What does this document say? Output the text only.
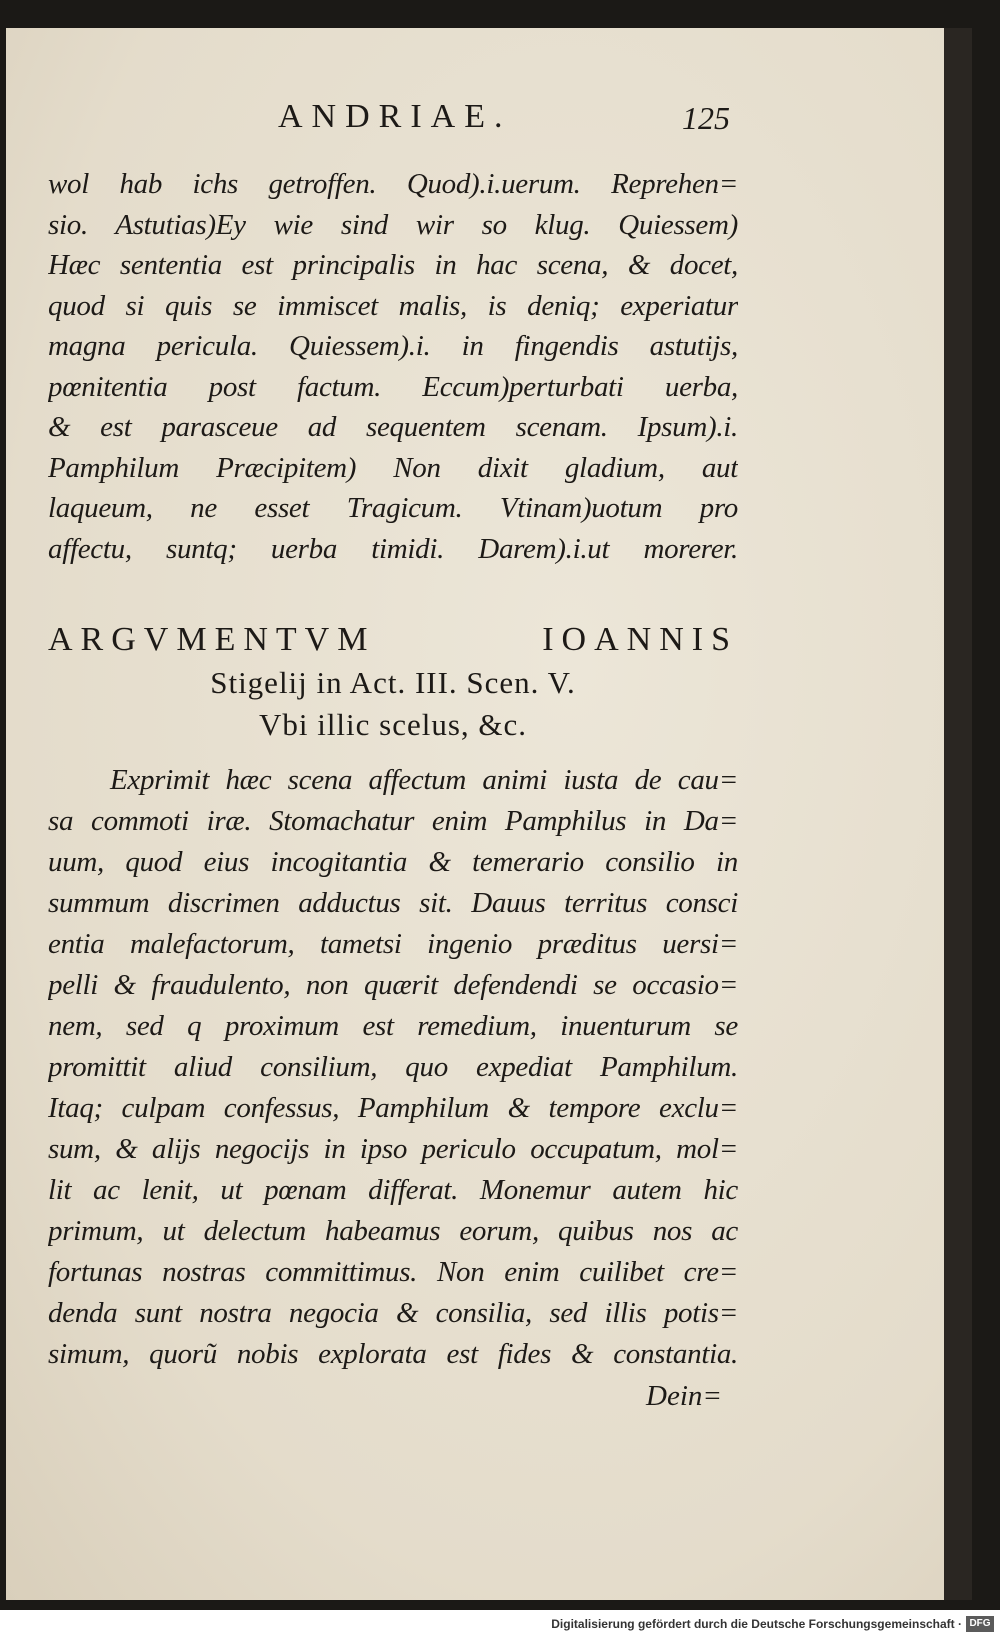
ANDRIAE.	125
wol hab ichs getroffen. Quod).i.uerum. Reprehen=
sio. Astutias)Ey wie sind wir so klug. Quiessem)
Hæc sententia est principalis in hac scena, & docet,
quod si quis se immiscet malis, is deniq; experiatur
magna pericula. Quiessem).i. in fingendis astutijs,
pœnitentia post factum. Eccum)perturbati uerba,
& est parasceue ad sequentem scenam. Ipsum).i.
Pamphilum Præcipitem) Non dixit gladium, aut
laqueum, ne esset Tragicum. Vtinam)uotum pro
affectu, suntq; uerba timidi. Darem).i.ut morerer.
ARGVMENTVM IOANNIS
Stigelij in Act. III. Scen. V.
Vbi illic scelus, &c.
Exprimit hæc scena affectum animi iusta de cau=
sa commoti iræ. Stomachatur enim Pamphilus in Da=
uum, quod eius incogitantia & temerario consilio in
summum discrimen adductus sit. Dauus territus consci
entia malefactorum, tametsi ingenio præditus uersi=
pelli & fraudulento, non quærit defendendi se occasio=
nem, sed q proximum est remedium, inuenturum se
promittit aliud consilium, quo expediat Pamphilum.
Itaq; culpam confessus, Pamphilum & tempore exclu=
sum, & alijs negocijs in ipso periculo occupatum, mol=
lit ac lenit, ut pœnam differat. Monemur autem hic
primum, ut delectum habeamus eorum, quibus nos ac
fortunas nostras committimus. Non enim cuilibet cre=
denda sunt nostra negocia & consilia, sed illis potis=
simum, quorũ nobis explorata est fides & constantia.
Dein=
Digitalisierung gefördert durch die Deutsche Forschungsgemeinschaft · DFG
